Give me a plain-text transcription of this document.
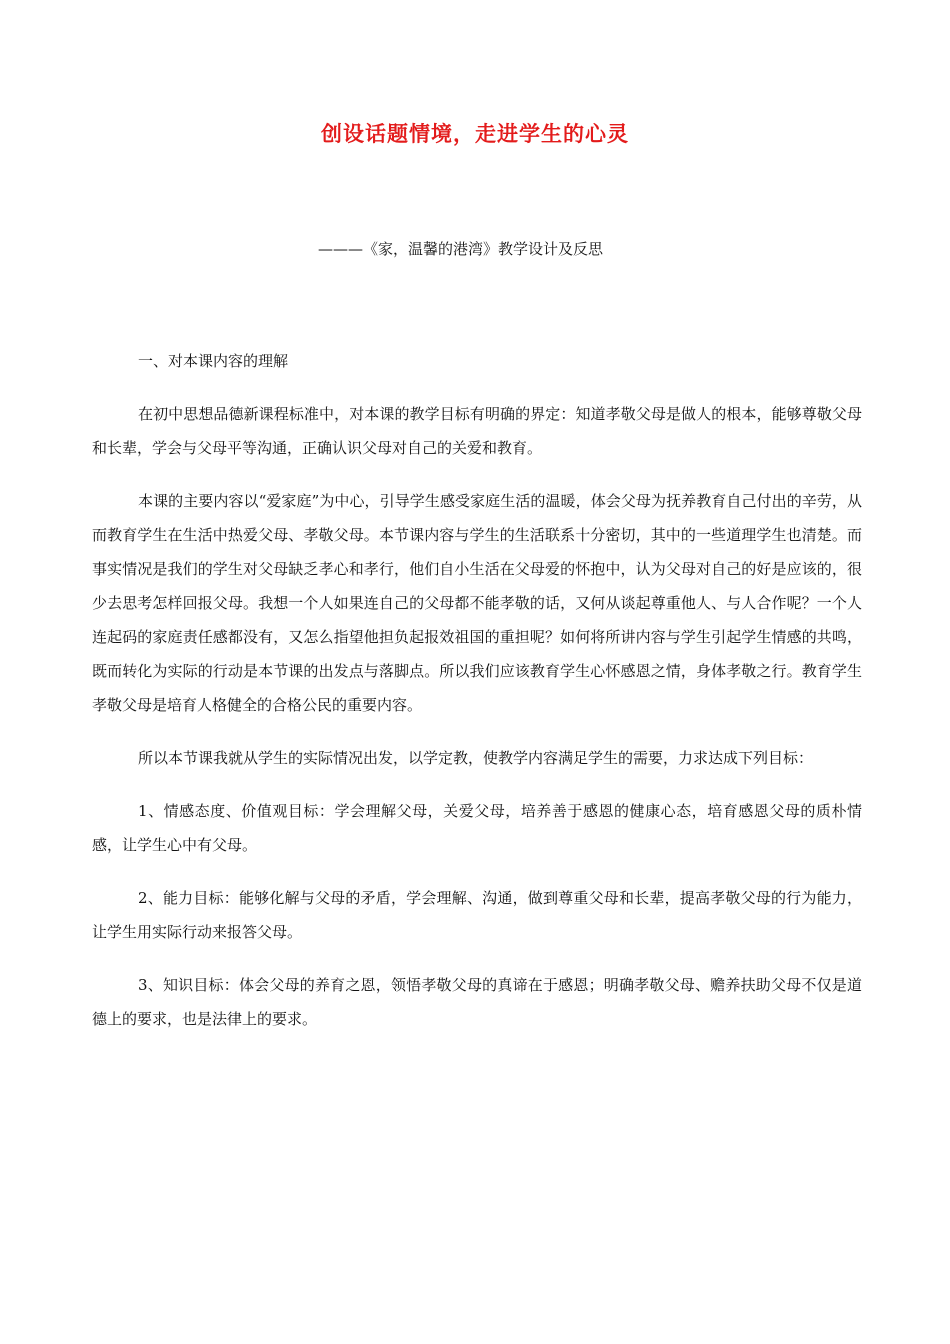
创设话题情境，走进学生的心灵
———《家，温馨的港湾》教学设计及反思

一、对本课内容的理解

在初中思想品德新课程标准中，对本课的教学目标有明确的界定：知道孝敬父母是做人的根本，能够尊敬父母和长辈，学会与父母平等沟通，正确认识父母对自己的关爱和教育。

本课的主要内容以“爱家庭”为中心，引导学生感受家庭生活的温暖，体会父母为抚养教育自己付出的辛劳，从而教育学生在生活中热爱父母、孝敬父母。本节课内容与学生的生活联系十分密切，其中的一些道理学生也清楚。而事实情况是我们的学生对父母缺乏孝心和孝行，他们自小生活在父母爱的怀抱中，认为父母对自己的好是应该的，很少去思考怎样回报父母。我想一个人如果连自己的父母都不能孝敬的话，又何从谈起尊重他人、与人合作呢？一个人连起码的家庭责任感都没有，又怎么指望他担负起报效祖国的重担呢？如何将所讲内容与学生引起学生情感的共鸣，既而转化为实际的行动是本节课的出发点与落脚点。所以我们应该教育学生心怀感恩之情，身体孝敬之行。教育学生孝敬父母是培育人格健全的合格公民的重要内容。

所以本节课我就从学生的实际情况出发，以学定教，使教学内容满足学生的需要，力求达成下列目标：

1、情感态度、价值观目标：学会理解父母，关爱父母，培养善于感恩的健康心态，培育感恩父母的质朴情感，让学生心中有父母。

2、能力目标：能够化解与父母的矛盾，学会理解、沟通，做到尊重父母和长辈，提高孝敬父母的行为能力，让学生用实际行动来报答父母。

3、知识目标：体会父母的养育之恩，领悟孝敬父母的真谛在于感恩；明确孝敬父母、赡养扶助父母不仅是道德上的要求，也是法律上的要求。
